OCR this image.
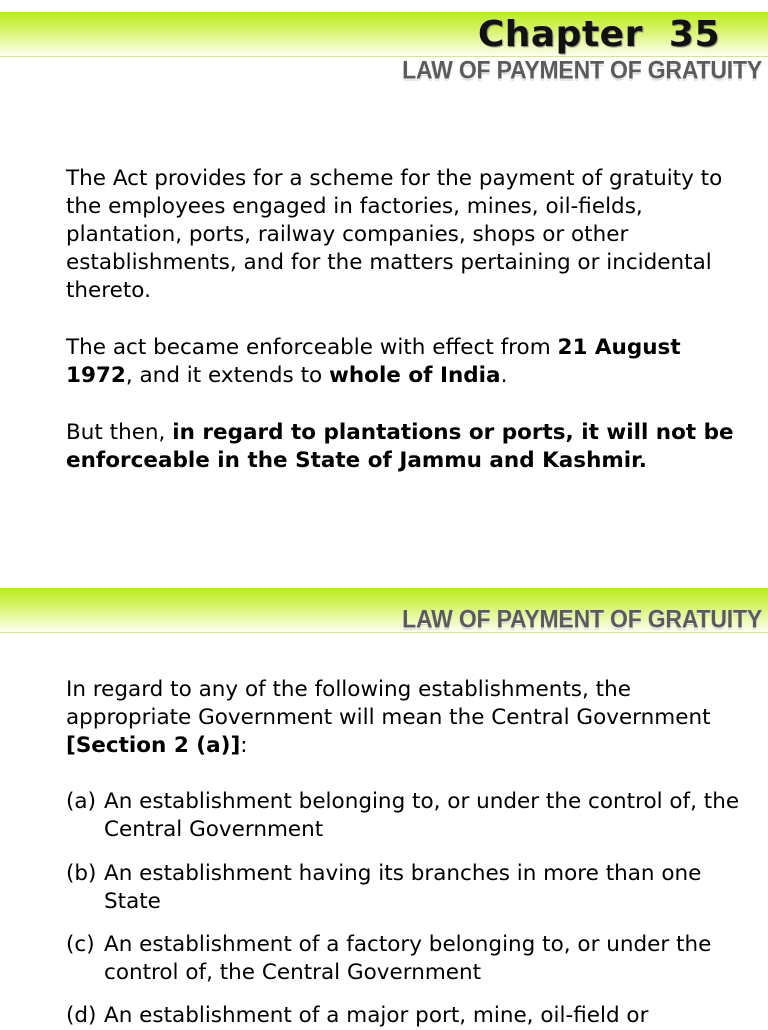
Chapter  35
LAW OF PAYMENT OF GRATUITY

The Act provides for a scheme for the payment of gratuity to the employees engaged in factories, mines, oil-fields, plantation, ports, railway companies, shops or other establishments, and for the matters pertaining or incidental thereto.

The act became enforceable with effect from 21 August 1972, and it extends to whole of India.

But then, in regard to plantations or ports, it will not be enforceable in the State of Jammu and Kashmir.

LAW OF PAYMENT OF GRATUITY

In regard to any of the following establishments, the appropriate Government will mean the Central Government [Section 2 (a)]:

(a) An establishment belonging to, or under the control of, the Central Government
(b) An establishment having its branches in more than one State
(c) An establishment of a factory belonging to, or under the control of, the Central Government
(d) An establishment of a major port, mine, oil-field or
